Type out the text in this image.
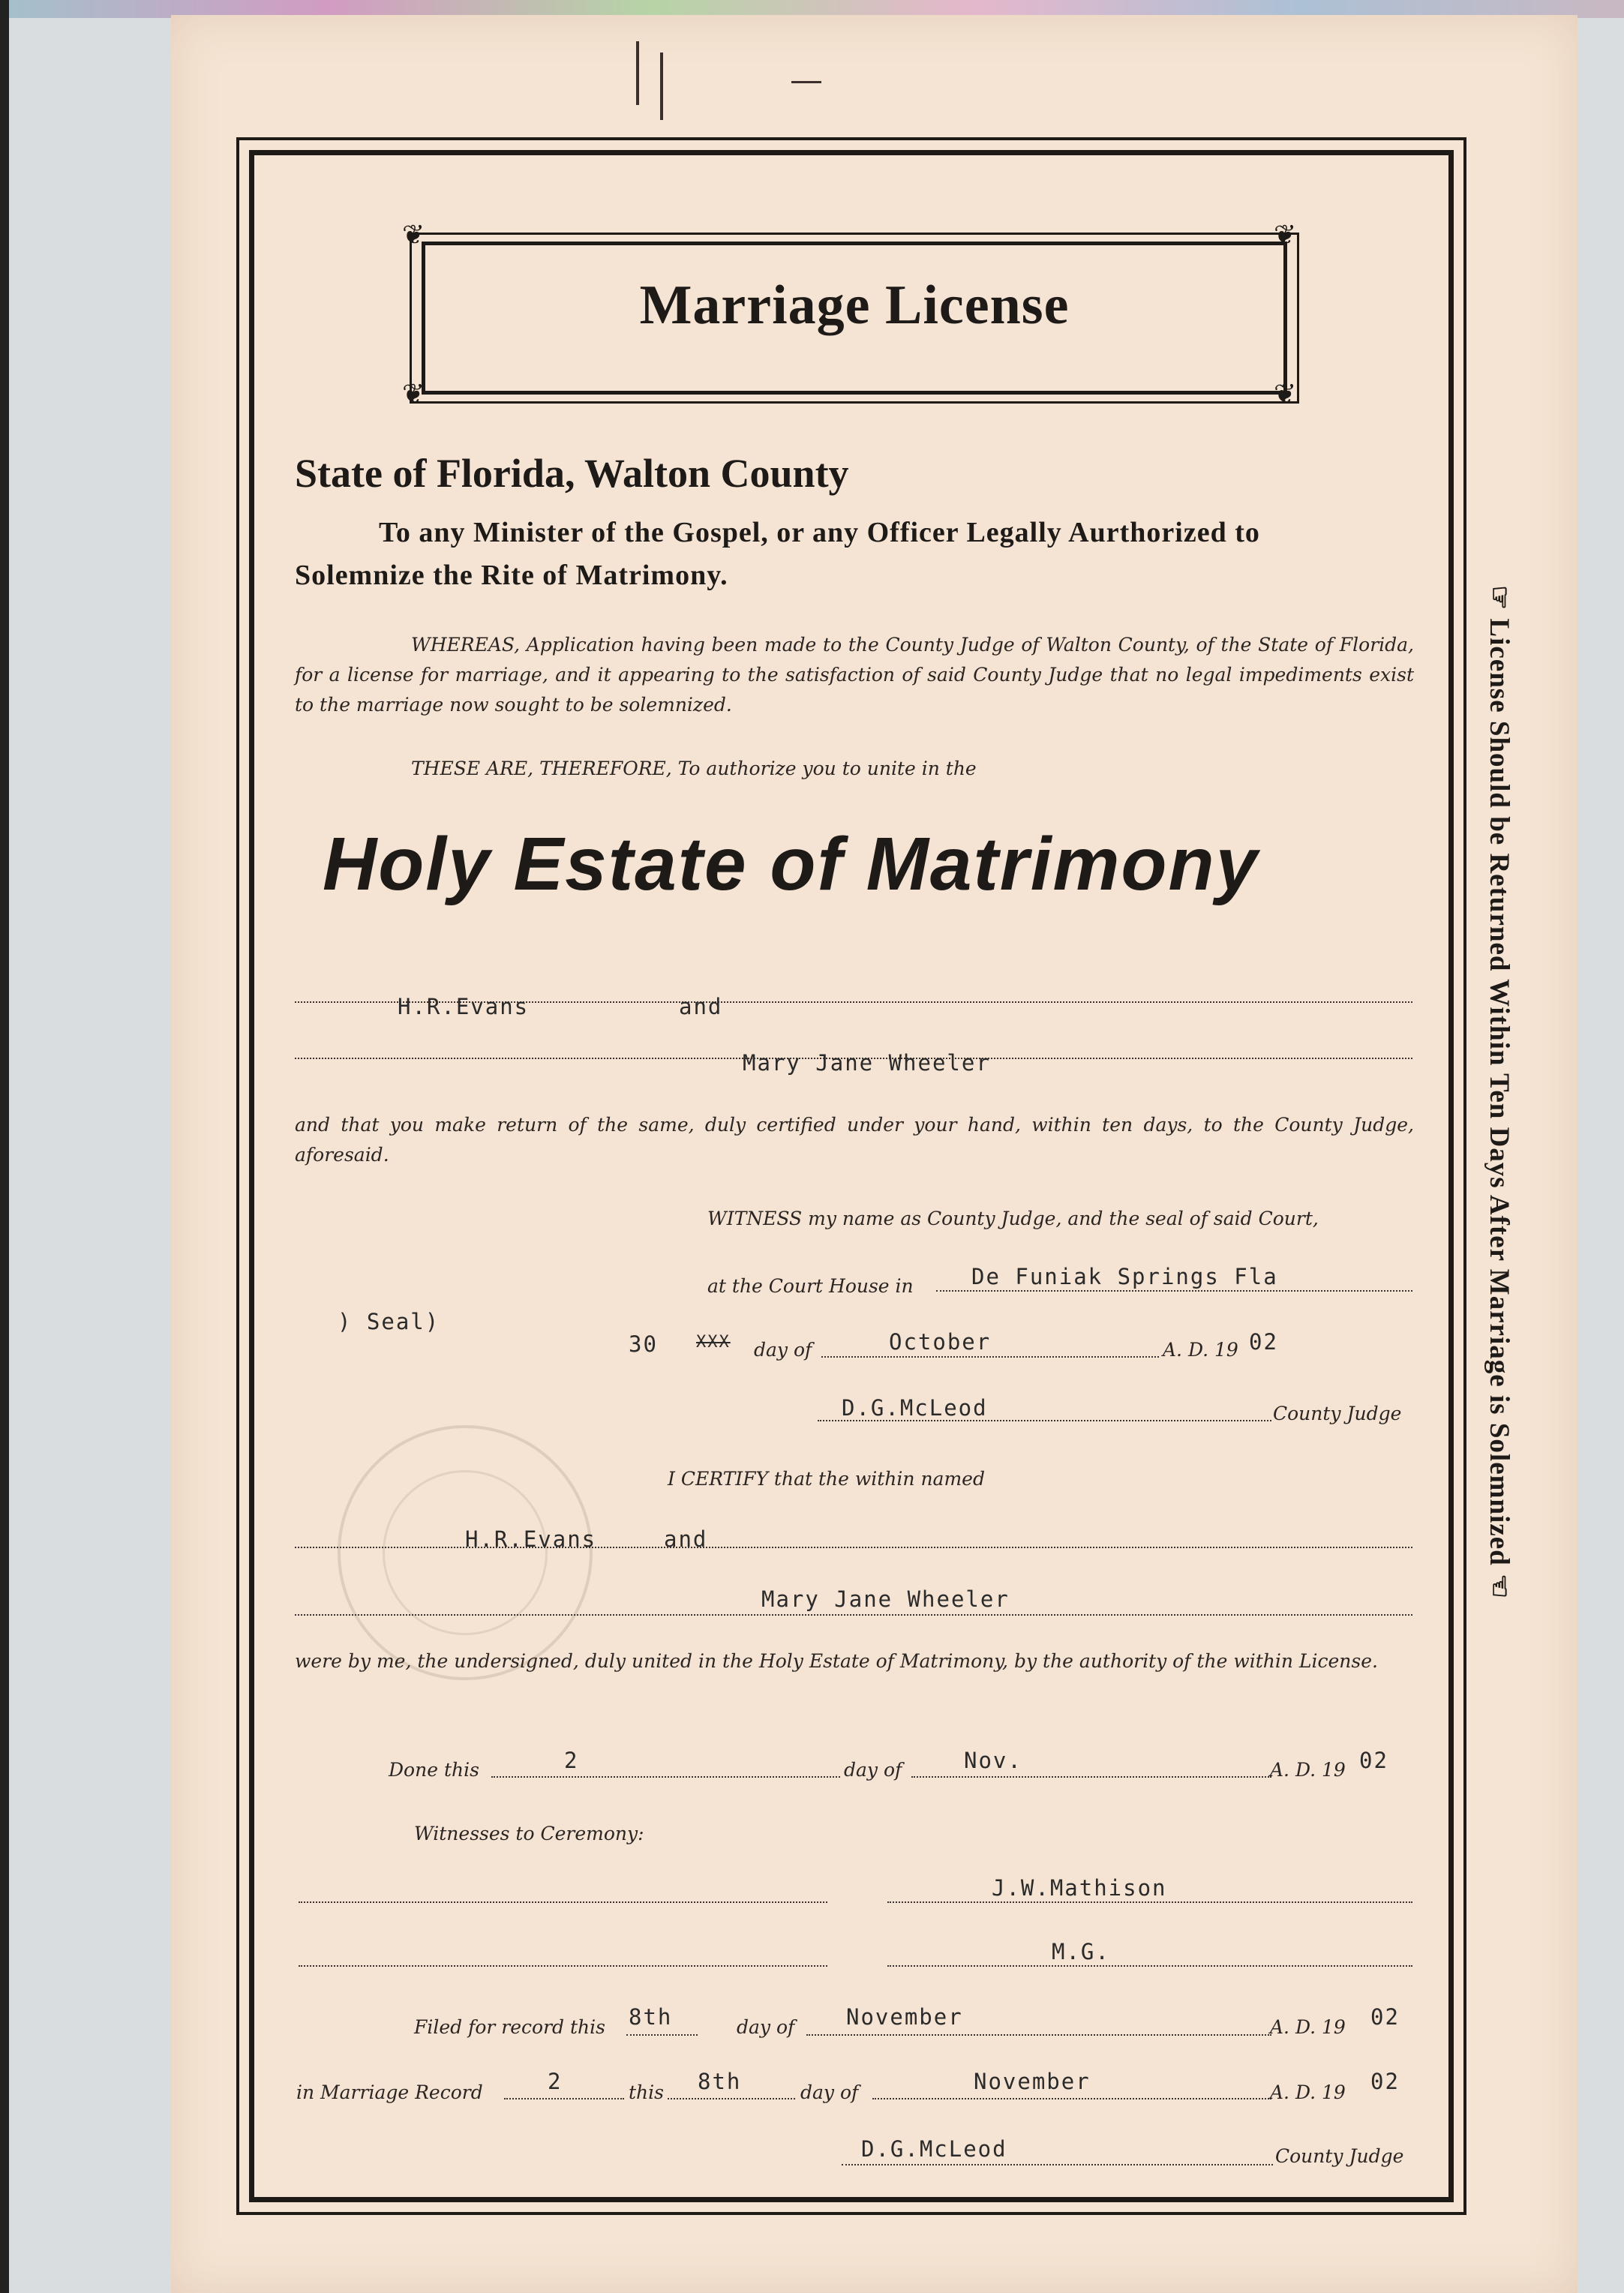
❦	❦
❦	❦
Marriage License
State of Florida, Walton County
To any Minister of the Gospel, or any Officer Legally Aurthorized to
Solemnize the Rite of Matrimony.
WHEREAS, Application having been made to the County Judge of Walton County, of the State of Florida, for a license for marriage, and it appearing to the satisfaction of said County Judge that no legal impediments exist to the marriage now sought to be solemnized.
THESE ARE, THEREFORE, To authorize you to unite in the
Holy Estate of Matrimony
H.R.Evans	and
Mary Jane Wheeler
and that you make return of the same, duly certified under your hand, within ten days, to the County Judge, aforesaid.
WITNESS my name as County Judge, and the seal of said Court,
at the Court House in	De Funiak Springs Fla
) Seal)
30 XXX day of	October	A. D. 19 02
D.G.McLeod	County Judge
I CERTIFY that the within named
H.R.Evans	and
Mary Jane Wheeler
were by me, the undersigned, duly united in the Holy Estate of Matrimony, by the authority of the within License.
Done this	2	day of	Nov.	A. D. 19 02
Witnesses to Ceremony:
J.W.Mathison
M.G.
Filed for record this 8th	day of November	A. D. 19 02
in Marriage Record	2	this 8th	day of	November	A. D. 19 02
D.G.McLeod	County Judge
☞ License Should be Returned Within Ten Days After Marriage is Solemnized ☜
